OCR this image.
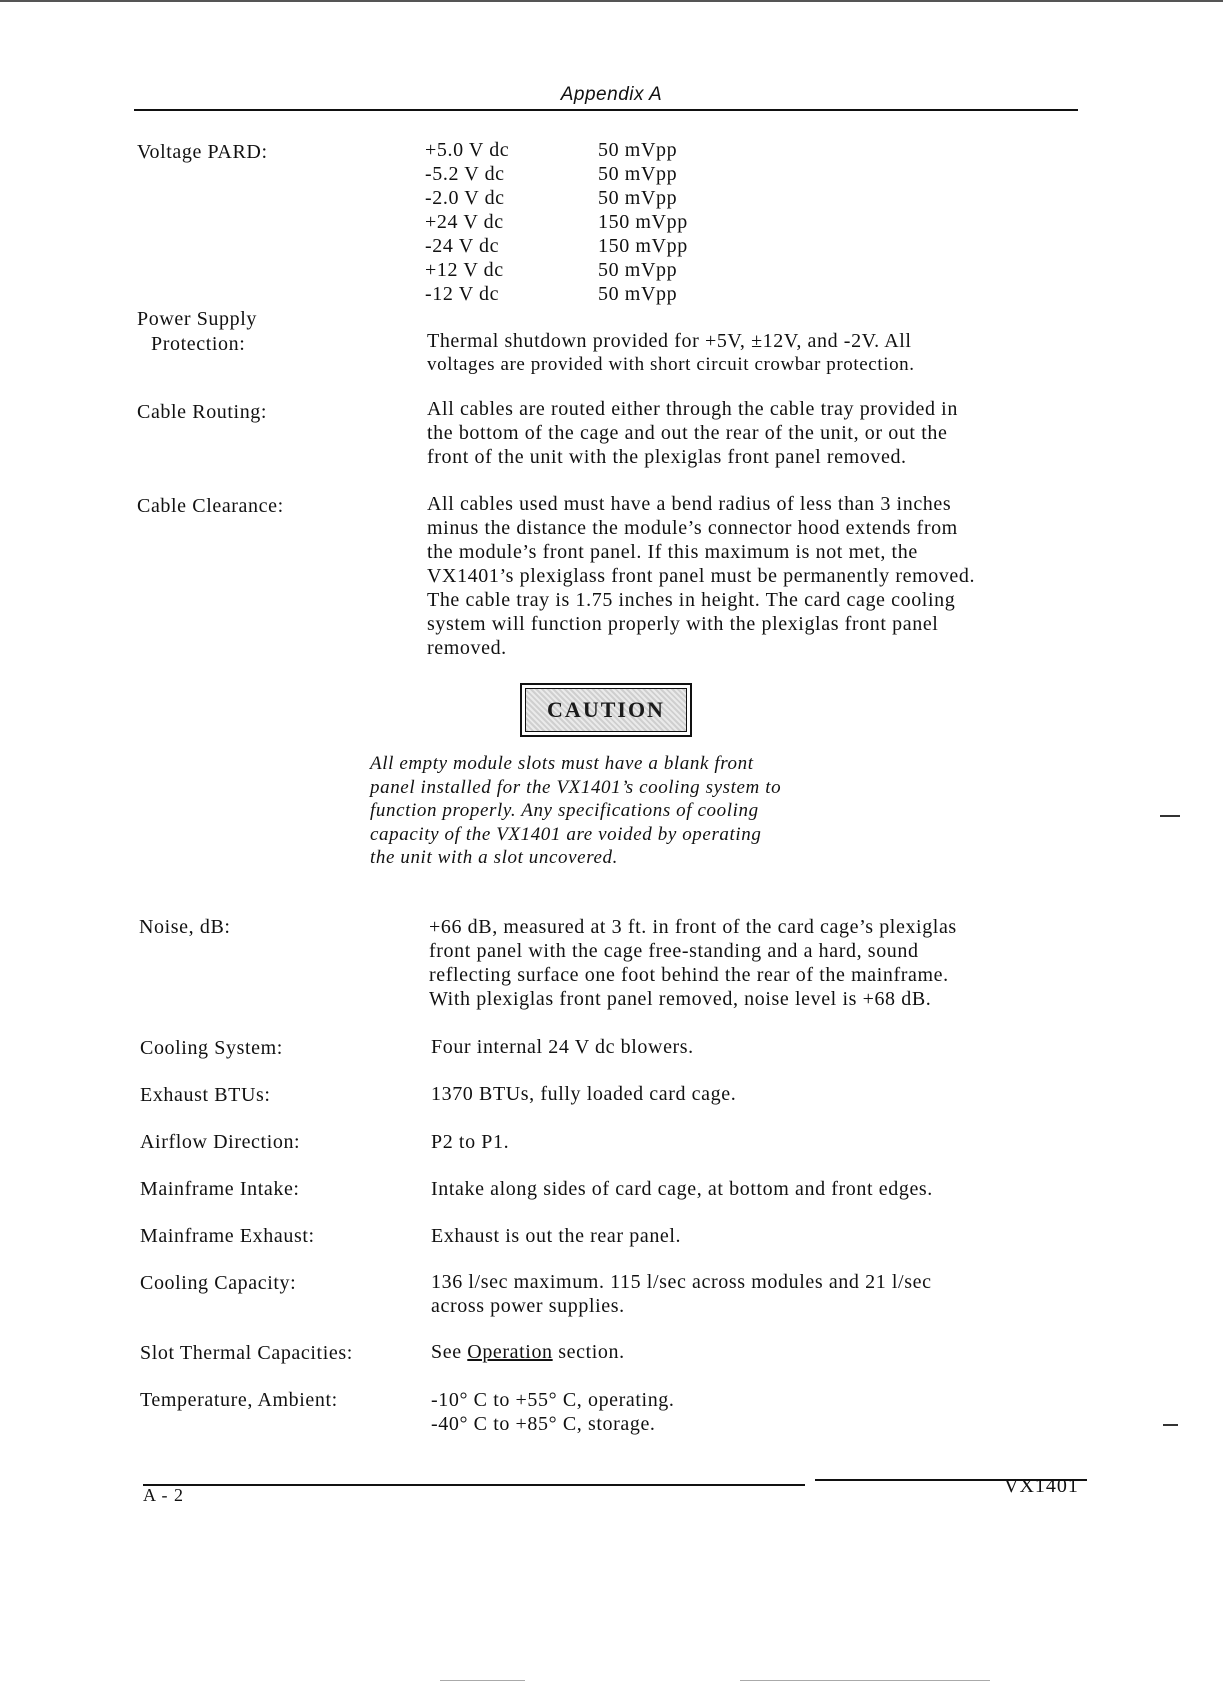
Appendix A
Voltage PARD:	+5.0 V dc	50 mVpp
-5.2 V dc	50 mVpp
-2.0 V dc	50 mVpp
+24 V dc	150 mVpp
-24 V dc	150 mVpp
+12 V dc	50 mVpp
-12 V dc	50 mVpp
Power Supply
Protection:	Thermal shutdown provided for +5V, ±12V, and -2V. All
voltages are provided with short circuit crowbar protection.
Cable Routing:	All cables are routed either through the cable tray provided in
the bottom of the cage and out the rear of the unit, or out the
front of the unit with the plexiglas front panel removed.
Cable Clearance:	All cables used must have a bend radius of less than 3 inches
minus the distance the module’s connector hood extends from
the module’s front panel. If this maximum is not met, the
VX1401’s plexiglass front panel must be permanently removed.
The cable tray is 1.75 inches in height. The card cage cooling
system will function properly with the plexiglas front panel
removed.
CAUTION
All empty module slots must have a blank front
panel installed for the VX1401’s cooling system to
function properly. Any specifications of cooling
capacity of the VX1401 are voided by operating
the unit with a slot uncovered.
Noise, dB:	+66 dB, measured at 3 ft. in front of the card cage’s plexiglas
front panel with the cage free-standing and a hard, sound
reflecting surface one foot behind the rear of the mainframe.
With plexiglas front panel removed, noise level is +68 dB.
Cooling System:	Four internal 24 V dc blowers.
Exhaust BTUs:	1370 BTUs, fully loaded card cage.
Airflow Direction:	P2 to P1.
Mainframe Intake:	Intake along sides of card cage, at bottom and front edges.
Mainframe Exhaust:	Exhaust is out the rear panel.
Cooling Capacity:	136 l/sec maximum. 115 l/sec across modules and 21 l/sec
across power supplies.
Slot Thermal Capacities:	See Operation section.
Temperature, Ambient:	-10° C to +55° C, operating.
-40° C to +85° C, storage.
A - 2	VX1401
